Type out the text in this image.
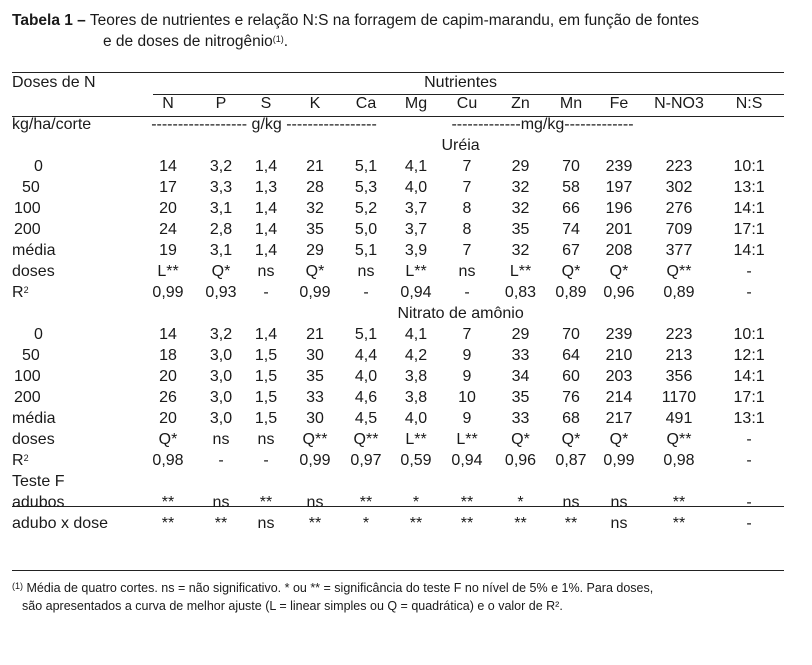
Tabela 1 – Teores de nutrientes e relação N:S na forragem de capim-marandu, em função de fontes
e de doses de nitrogênio$^{(1)}$.
Doses de N	Nutrientes											
	N	P	S	K	Ca	Mg	Cu	Zn	Mn	Fe	N-NO3	N:S
kg/ha/corte	------------------ g/kg -----------------						-------------mg/kg-------------					
	Uréia											
0	14	3,2	1,4	21	5,1	4,1	7	29	70	239	223	10:1
50	17	3,3	1,3	28	5,3	4,0	7	32	58	197	302	13:1
100	20	3,1	1,4	32	5,2	3,7	8	32	66	196	276	14:1
200	24	2,8	1,4	35	5,0	3,7	8	35	74	201	709	17:1
média	19	3,1	1,4	29	5,1	3,9	7	32	67	208	377	14:1
doses	L**	Q*	ns	Q*	ns	L**	ns	L**	Q*	Q*	Q**	-
$R^2$	0,99	0,93	-	0,99	-	0,94	-	0,83	0,89	0,96	0,89	-
	Nitrato de amônio											
0	14	3,2	1,4	21	5,1	4,1	7	29	70	239	223	10:1
50	18	3,0	1,5	30	4,4	4,2	9	33	64	210	213	12:1
100	20	3,0	1,5	35	4,0	3,8	9	34	60	203	356	14:1
200	26	3,0	1,5	33	4,6	3,8	10	35	76	214	1170	17:1
média	20	3,0	1,5	30	4,5	4,0	9	33	68	217	491	13:1
doses	Q*	ns	ns	Q**	Q**	L**	L**	Q*	Q*	Q*	Q**	-
$R^2$	0,98	-	-	0,99	0,97	0,59	0,94	0,96	0,87	0,99	0,98	-
Teste F												
adubos	**	ns	**	ns	**	*	**	*	ns	ns	**	-
adubo x dose	**	**	ns	**	*	**	**	**	**	ns	**	-
$^{(1)}$ Média de quatro cortes. ns = não significativo. * ou ** = significância do teste F no nível de 5% e 1%. Para doses,
são apresentados a curva de melhor ajuste (L = linear simples ou Q = quadrática) e o valor de R².
